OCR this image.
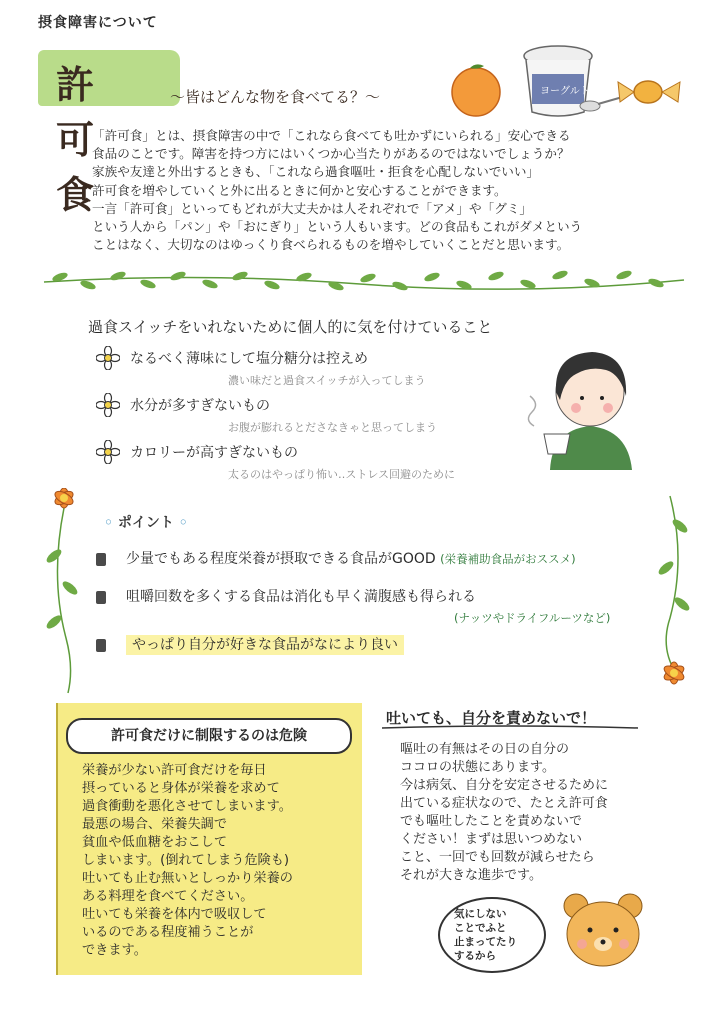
摂食障害について
許可食
〜皆はどんな物を食べてる？〜	ヨーグルト

「許可食」とは、摂食障害の中で「これなら食べても吐かずにいられる」安心できる

食品のことです。障害を持つ方にはいくつか心当たりがあるのではないでしょうか？

家族や友達と外出するときも、「これなら過食嘔吐・拒食を心配しないでいい」

許可食を増やしていくと外に出るときに何かと安心することができます。

一言「許可食」といってもどれが大丈夫かは人それぞれで「アメ」や「グミ」

という人から「パン」や「おにぎり」という人もいます。どの食品もこれがダメという

ことはなく、大切なのはゆっくり食べられるものを増やしていくことだと思います。

過食スイッチをいれないために個人的に気を付けていること
なるべく薄味にして塩分糖分は控えめ
濃い味だと過食スイッチが入ってしまう
水分が多すぎないもの
お腹が膨れるとださなきゃと思ってしまう
カロリーが高すぎないもの
太るのはやっぱり怖い‥ストレス回避のために
◦ ポイント ◦
少量でもある程度栄養が摂取できる食品がGOOD (栄養補助食品がおススメ)
咀嚼回数を多くする食品は消化も早く満腹感も得られる
(ナッツやドライフルーツなど)
やっぱり自分が好きな食品がなにより良い
許可食だけに制限するのは危険

栄養が少ない許可食だけを毎日

摂っていると身体が栄養を求めて

過食衝動を悪化させてしまいます。

最悪の場合、栄養失調で

貧血や低血糖をおこして

しまいます。(倒れてしまう危険も)

吐いても止む無いとしっかり栄養の

ある料理を食べてください。

吐いても栄養を体内で吸収して

いるのである程度補うことが

できます。

吐いても、自分を責めないで！

嘔吐の有無はその日の自分の

ココロの状態にあります。

今は病気、自分を安定させるために

出ている症状なので、たとえ許可食

でも嘔吐したことを責めないで

ください！まずは思いつめない

こと、一回でも回数が減らせたら

それが大きな進歩です。

気にしない

ことでふと

止まってたり

するから
